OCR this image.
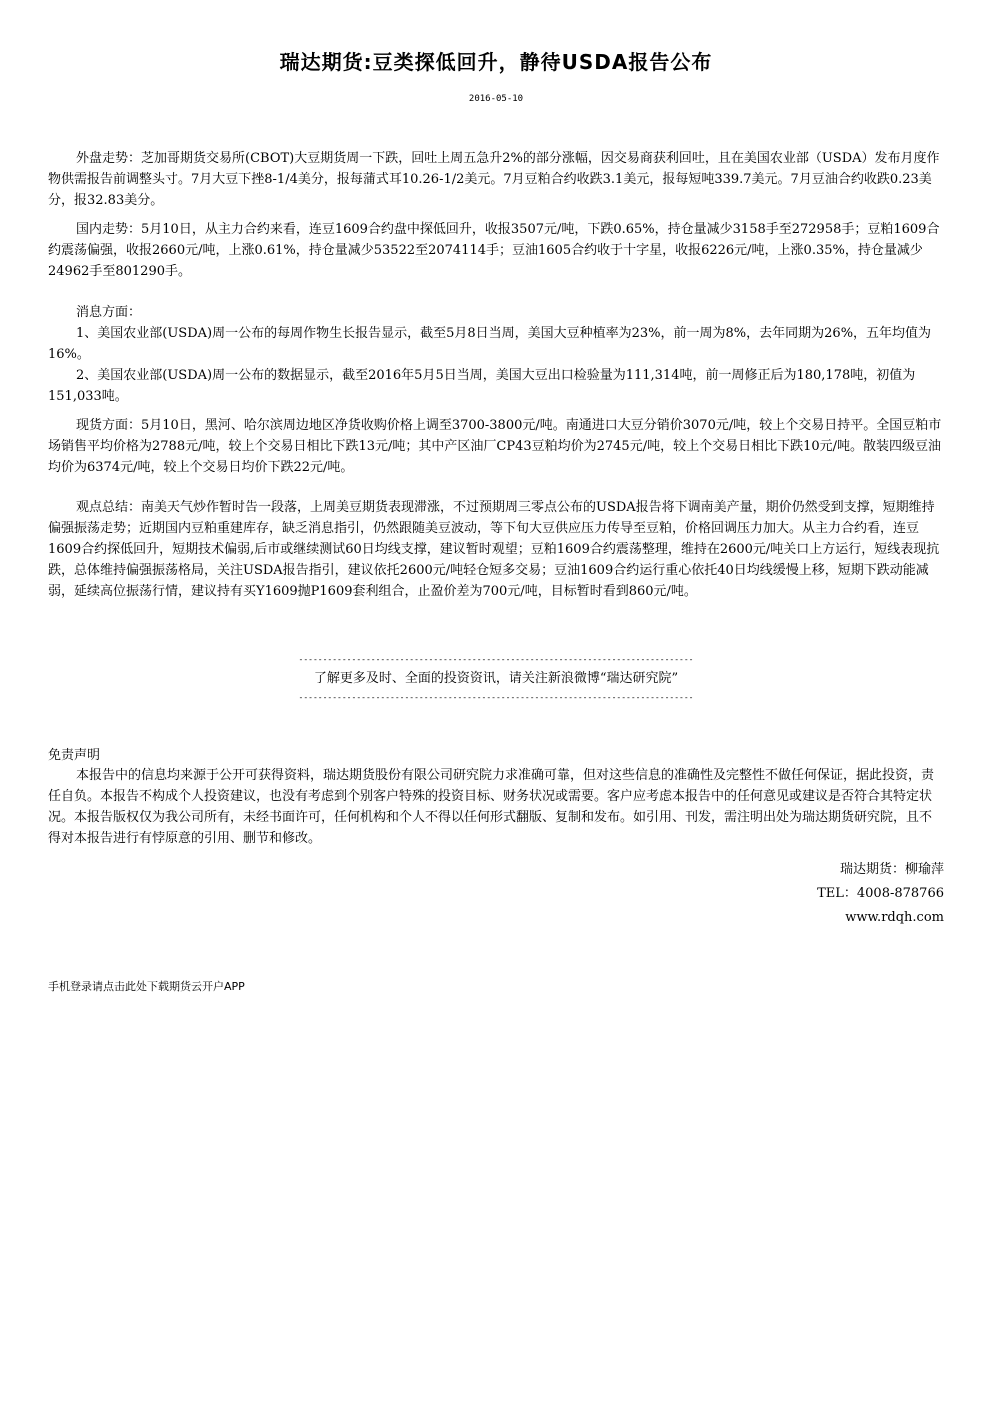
瑞达期货:豆类探低回升，静待USDA报告公布
2016-05-10

外盘走势：芝加哥期货交易所(CBOT)大豆期货周一下跌，回吐上周五急升2%的部分涨幅，因交易商获利回吐，且在美国农业部（USDA）发布月度作物供需报告前调整头寸。7月大豆下挫8-1/4美分，报每蒲式耳10.26-1/2美元。7月豆粕合约收跌3.1美元，报每短吨339.7美元。7月豆油合约收跌0.23美分，报32.83美分。

国内走势：5月10日，从主力合约来看，连豆1609合约盘中探低回升，收报3507元/吨，下跌0.65%，持仓量减少3158手至272958手；豆粕1609合约震荡偏强，收报2660元/吨，上涨0.61%，持仓量减少53522至2074114手；豆油1605合约收于十字星，收报6226元/吨，上涨0.35%，持仓量减少24962手至801290手。

消息方面：

1、美国农业部(USDA)周一公布的每周作物生长报告显示，截至5月8日当周，美国大豆种植率为23%，前一周为8%，去年同期为26%，五年均值为16%。

2、美国农业部(USDA)周一公布的数据显示，截至2016年5月5日当周，美国大豆出口检验量为111,314吨，前一周修正后为180,178吨，初值为151,033吨。

现货方面：5月10日，黑河、哈尔滨周边地区净货收购价格上调至3700-3800元/吨。南通进口大豆分销价3070元/吨，较上个交易日持平。全国豆粕市场销售平均价格为2788元/吨，较上个交易日相比下跌13元/吨；其中产区油厂CP43豆粕均价为2745元/吨，较上个交易日相比下跌10元/吨。散装四级豆油均价为6374元/吨，较上个交易日均价下跌22元/吨。

观点总结：南美天气炒作暂时告一段落，上周美豆期货表现滞涨，不过预期周三零点公布的USDA报告将下调南美产量，期价仍然受到支撑，短期维持偏强振荡走势；近期国内豆粕重建库存，缺乏消息指引，仍然跟随美豆波动，等下旬大豆供应压力传导至豆粕，价格回调压力加大。从主力合约看，连豆1609合约探低回升，短期技术偏弱,后市或继续测试60日均线支撑，建议暂时观望；豆粕1609合约震荡整理，维持在2600元/吨关口上方运行，短线表现抗跌，总体维持偏强振荡格局，关注USDA报告指引，建议依托2600元/吨轻仓短多交易；豆油1609合约运行重心依托40日均线缓慢上移，短期下跌动能减弱，延续高位振荡行情，建议持有买Y1609抛P1609套利组合，止盈价差为700元/吨，目标暂时看到860元/吨。

----------------------------------------------------------------------------------
了解更多及时、全面的投资资讯，请关注新浪微博“瑞达研究院”
----------------------------------------------------------------------------------
免责声明

本报告中的信息均来源于公开可获得资料，瑞达期货股份有限公司研究院力求准确可靠，但对这些信息的准确性及完整性不做任何保证，据此投资，责任自负。本报告不构成个人投资建议，也没有考虑到个别客户特殊的投资目标、财务状况或需要。客户应考虑本报告中的任何意见或建议是否符合其特定状况。本报告版权仅为我公司所有，未经书面许可，任何机构和个人不得以任何形式翻版、复制和发布。如引用、刊发，需注明出处为瑞达期货研究院，且不得对本报告进行有悖原意的引用、删节和修改。

瑞达期货：柳瑜萍
TEL：4008-878766
www.rdqh.com
手机登录请点击此处下载期货云开户APP
